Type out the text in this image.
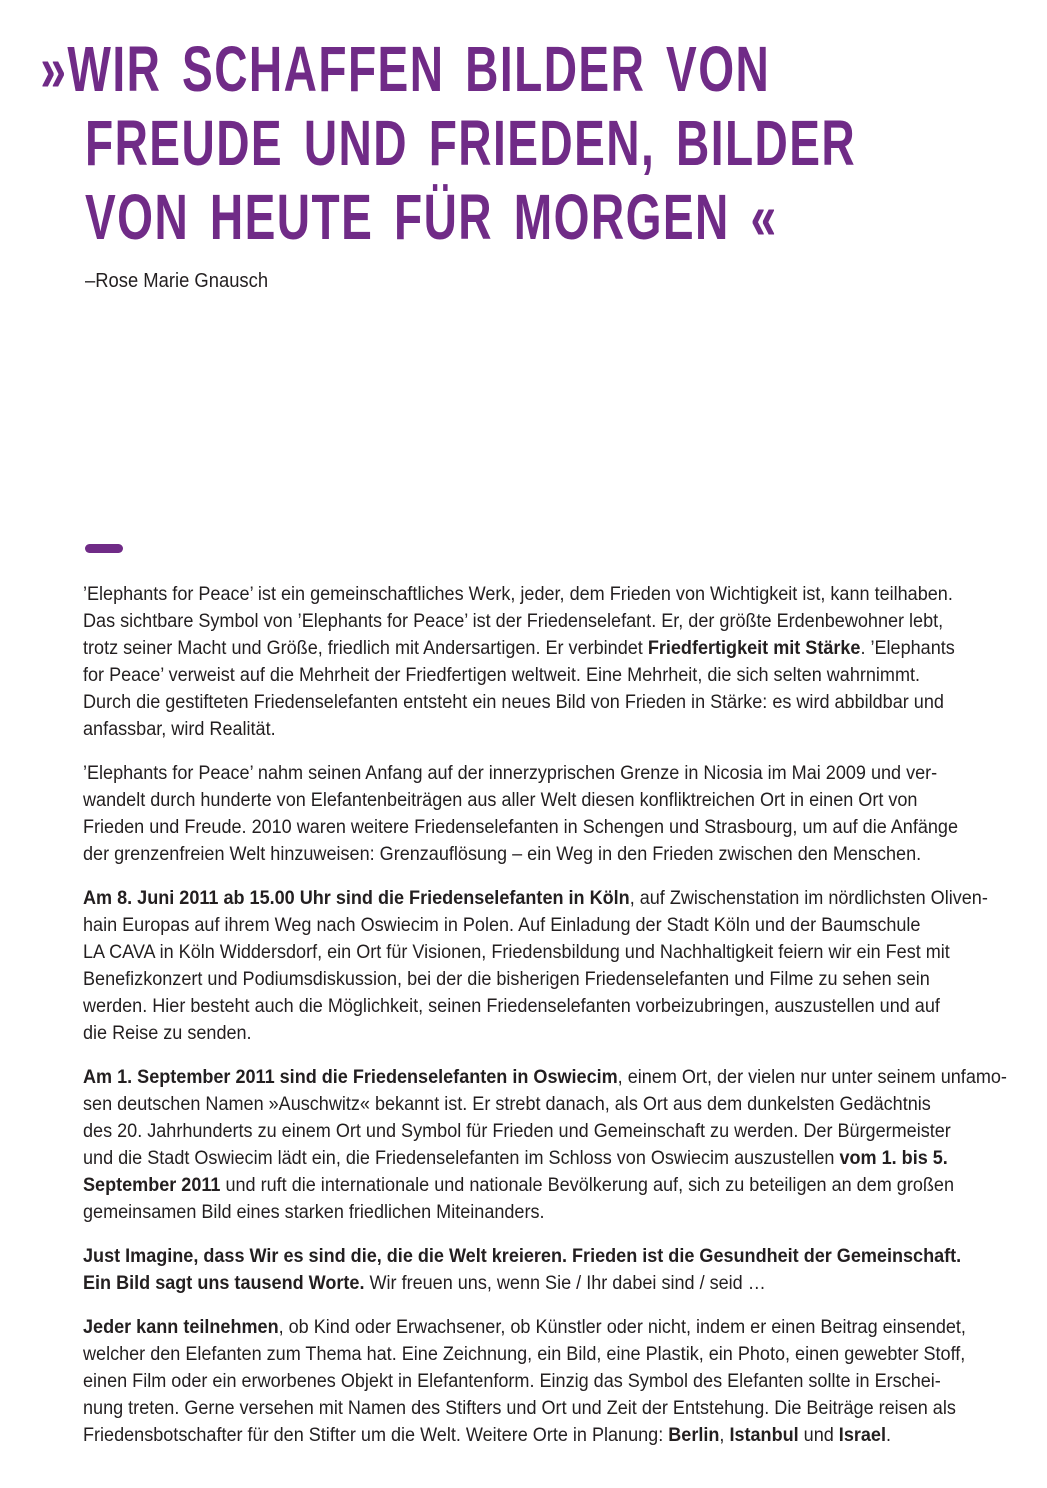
»WIR SCHAFFEN BILDER VON
FREUDE UND FRIEDEN, BILDER
VON HEUTE FÜR MORGEN «
–Rose Marie Gnausch
’Elephants for Peace’ ist ein gemeinschaftliches Werk, jeder, dem Frieden von Wichtigkeit ist, kann teilhaben.
Das sichtbare Symbol von ’Elephants for Peace’ ist der Friedenselefant. Er, der größte Erdenbewohner lebt,
trotz seiner Macht und Größe, friedlich mit Andersartigen. Er verbindet Friedfertigkeit mit Stärke. ’Elephants
for Peace’ verweist auf die Mehrheit der Friedfertigen weltweit. Eine Mehrheit, die sich selten wahrnimmt.
Durch die gestifteten Friedenselefanten entsteht ein neues Bild von Frieden in Stärke: es wird abbildbar und
anfassbar, wird Realität.
’Elephants for Peace’ nahm seinen Anfang auf der innerzyprischen Grenze in Nicosia im Mai 2009 und ver-
wandelt durch hunderte von Elefantenbeiträgen aus aller Welt diesen konfliktreichen Ort in einen Ort von
Frieden und Freude. 2010 waren weitere Friedenselefanten in Schengen und Strasbourg, um auf die Anfänge
der grenzenfreien Welt hinzuweisen: Grenzauflösung – ein Weg in den Frieden zwischen den Menschen.
Am 8. Juni 2011 ab 15.00 Uhr sind die Friedenselefanten in Köln, auf Zwischenstation im nördlichsten Oliven-
hain Europas auf ihrem Weg nach Oswiecim in Polen. Auf Einladung der Stadt Köln und der Baumschule
LA CAVA in Köln Widdersdorf, ein Ort für Visionen, Friedensbildung und Nachhaltigkeit feiern wir ein Fest mit
Benefizkonzert und Podiumsdiskussion, bei der die bisherigen Friedenselefanten und Filme zu sehen sein
werden. Hier besteht auch die Möglichkeit, seinen Friedenselefanten vorbeizubringen, auszustellen und auf
die Reise zu senden.
Am 1. September 2011 sind die Friedenselefanten in Oswiecim, einem Ort, der vielen nur unter seinem unfamo-
sen deutschen Namen »Auschwitz« bekannt ist. Er strebt danach, als Ort aus dem dunkelsten Gedächtnis
des 20. Jahrhunderts zu einem Ort und Symbol für Frieden und Gemeinschaft zu werden. Der Bürgermeister
und die Stadt Oswiecim lädt ein, die Friedenselefanten im Schloss von Oswiecim auszustellen vom 1. bis 5.
September 2011 und ruft die internationale und nationale Bevölkerung auf, sich zu beteiligen an dem großen
gemeinsamen Bild eines starken friedlichen Miteinanders.
Just Imagine, dass Wir es sind die, die die Welt kreieren. Frieden ist die Gesundheit der Gemeinschaft.
Ein Bild sagt uns tausend Worte. Wir freuen uns, wenn Sie / Ihr dabei sind / seid …
Jeder kann teilnehmen, ob Kind oder Erwachsener, ob Künstler oder nicht, indem er einen Beitrag einsendet,
welcher den Elefanten zum Thema hat. Eine Zeichnung, ein Bild, eine Plastik, ein Photo, einen gewebter Stoff,
einen Film oder ein erworbenes Objekt in Elefantenform. Einzig das Symbol des Elefanten sollte in Erschei-
nung treten. Gerne versehen mit Namen des Stifters und Ort und Zeit der Entstehung. Die Beiträge reisen als
Friedensbotschafter für den Stifter um die Welt. Weitere Orte in Planung: Berlin, Istanbul und Israel.
